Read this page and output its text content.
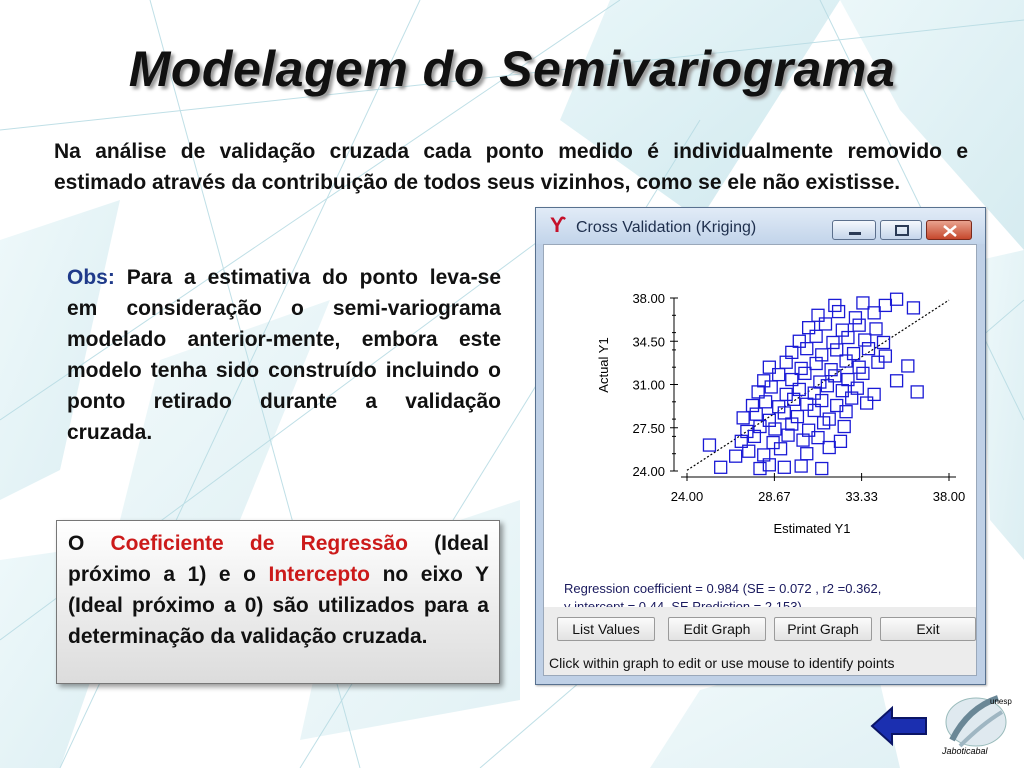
Modelagem do Semivariograma
Na análise de validação cruzada cada ponto medido é individualmente removido e estimado através da contribuição de todos seus vizinhos, como se ele não existisse.
Obs: Para a estimativa do ponto leva-se em consideração o semi-variograma modelado anterior-mente, embora este modelo tenha sido construído incluindo o ponto retirado durante a validação cruzada.
O Coeficiente de Regressão (Ideal próximo a 1) e o Intercepto no eixo Y (Ideal próximo a 0) são utilizados para a determinação da validação cruzada.
ϒ Cross Validation (Kriging)
24.00
27.50
31.00
34.50
38.00
24.00	28.67	33.33	38.00
Actual Y1
Estimated Y1
Regression coefficient = 0.984 (SE = 0.072 , r2 =0.362,
List Values	Edit Graph	Print Graph	Exit
Click within graph to edit or use mouse to identify points
unesp
Jaboticabal
